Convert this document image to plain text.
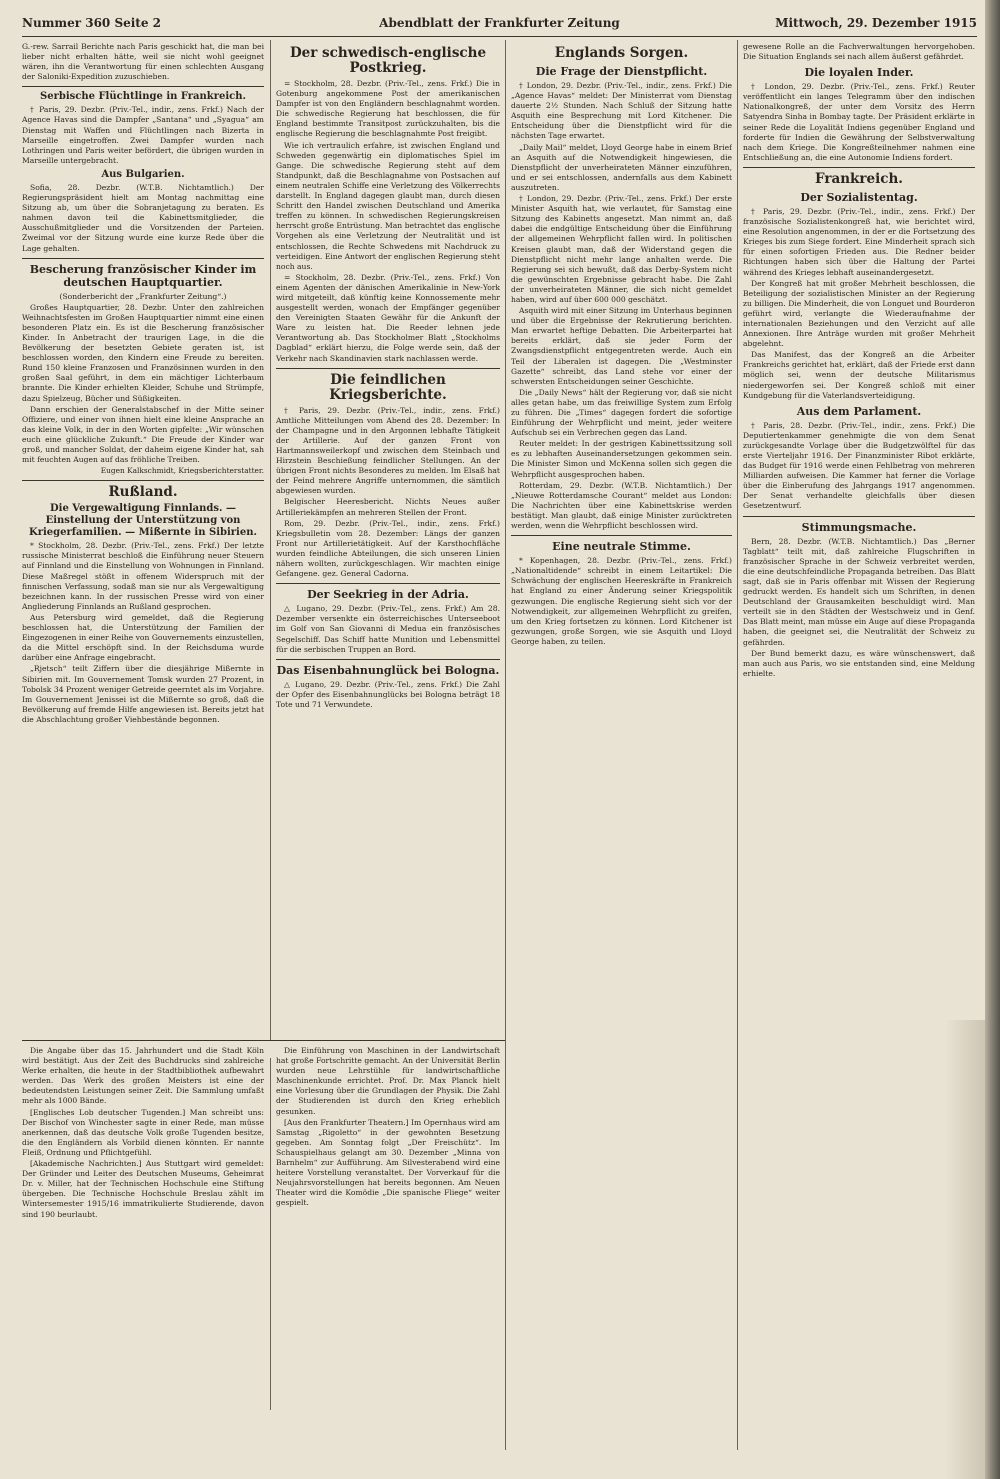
Nummer 360 Seite 2	Abendblatt der Frankfurter Zeitung	Mittwoch, 29. Dezember 1915

G.‑rew. Sarrail Berichte nach Paris geschickt hat, die man bei lieber nicht erhalten hätte, weil sie nicht wohl geeignet wären, ihn die Verantwortung für einen schlechten Ausgang der Saloniki‑Expedition zuzuschieben.

Serbische Flüchtlinge in Frankreich.

† Paris, 29. Dezbr. (Priv.‑Tel., indir., zens. Frkf.) Nach der Agence Havas sind die Dampfer „Santana“ und „Syagua“ am Dienstag mit Waffen und Flüchtlingen nach Bizerta in Marseille eingetroffen. Zwei Dampfer wurden nach Lothringen und Paris weiter befördert, die übrigen wurden in Marseille untergebracht.

Aus Bulgarien.

Sofia, 28. Dezbr. (W.T.B. Nichtamtlich.) Der Regierungspräsident hielt am Montag nachmittag eine Sitzung ab, um über die Sobranjetagung zu beraten. Es nahmen davon teil die Kabinettsmitglieder, die Ausschußmitglieder und die Vorsitzenden der Parteien. Zweimal vor der Sitzung wurde eine kurze Rede über die Lage gehalten.

Bescherung französischer Kinder im deutschen Hauptquartier.

(Sonderbericht der „Frankfurter Zeitung“.)

Großes Hauptquartier, 28. Dezbr. Unter den zahlreichen Weihnachtsfesten im Großen Hauptquartier nimmt eine einen besonderen Platz ein. Es ist die Bescherung französischer Kinder. In Anbetracht der traurigen Lage, in die die Bevölkerung der besetzten Gebiete geraten ist, ist beschlossen worden, den Kindern eine Freude zu bereiten. Rund 150 kleine Franzosen und Französinnen wurden in den großen Saal geführt, in dem ein mächtiger Lichterbaum brannte. Die Kinder erhielten Kleider, Schuhe und Strümpfe, dazu Spielzeug, Bücher und Süßigkeiten.

Dann erschien der Generalstabschef in der Mitte seiner Offiziere, und einer von ihnen hielt eine kleine Ansprache an das kleine Volk, in der in den Worten gipfelte: „Wir wünschen euch eine glückliche Zukunft.“ Die Freude der Kinder war groß, und mancher Soldat, der daheim eigene Kinder hat, sah mit feuchten Augen auf das fröhliche Treiben.

Eugen Kalkschmidt, Kriegsberichterstatter.
Rußland.
Die Vergewaltigung Finnlands. — Einstellung der Unterstützung von Kriegerfamilien. — Mißernte in Sibirien.

* Stockholm, 28. Dezbr. (Priv.‑Tel., zens. Frkf.) Der letzte russische Ministerrat beschloß die Einführung neuer Steuern auf Finnland und die Einstellung von Wohnungen in Finnland. Diese Maßregel stößt in offenem Widerspruch mit der finnischen Verfassung, sodaß man sie nur als Vergewaltigung bezeichnen kann. In der russischen Presse wird von einer Angliederung Finnlands an Rußland gesprochen.

Aus Petersburg wird gemeldet, daß die Regierung beschlossen hat, die Unterstützung der Familien der Eingezogenen in einer Reihe von Gouvernements einzustellen, da die Mittel erschöpft sind. In der Reichsduma wurde darüber eine Anfrage eingebracht.

„Rjetsch“ teilt Ziffern über die diesjährige Mißernte in Sibirien mit. Im Gouvernement Tomsk wurden 27 Prozent, in Tobolsk 34 Prozent weniger Getreide geerntet als im Vorjahre. Im Gouvernement Jenissei ist die Mißernte so groß, daß die Bevölkerung auf fremde Hilfe angewiesen ist. Bereits jetzt hat die Abschlachtung großer Viehbestände begonnen.

Der schwedisch‑englische Postkrieg.

= Stockholm, 28. Dezbr. (Priv.‑Tel., zens. Frkf.) Die in Gotenburg angekommene Post der amerikanischen Dampfer ist von den Engländern beschlagnahmt worden. Die schwedische Regierung hat beschlossen, die für England bestimmte Transitpost zurückzuhalten, bis die englische Regierung die beschlagnahmte Post freigibt.

Wie ich vertraulich erfahre, ist zwischen England und Schweden gegenwärtig ein diplomatisches Spiel im Gange. Die schwedische Regierung steht auf dem Standpunkt, daß die Beschlagnahme von Postsachen auf einem neutralen Schiffe eine Verletzung des Völkerrechts darstellt. In England dagegen glaubt man, durch diesen Schritt den Handel zwischen Deutschland und Amerika treffen zu können. In schwedischen Regierungskreisen herrscht große Entrüstung. Man betrachtet das englische Vorgehen als eine Verletzung der Neutralität und ist entschlossen, die Rechte Schwedens mit Nachdruck zu verteidigen. Eine Antwort der englischen Regierung steht noch aus.

= Stockholm, 28. Dezbr. (Priv.‑Tel., zens. Frkf.) Von einem Agenten der dänischen Amerikalinie in New‑York wird mitgeteilt, daß künftig keine Konnossemente mehr ausgestellt werden, wonach der Empfänger gegenüber den Vereinigten Staaten Gewähr für die Ankunft der Ware zu leisten hat. Die Reeder lehnen jede Verantwortung ab. Das Stockholmer Blatt „Stockholms Dagblad“ erklärt hierzu, die Folge werde sein, daß der Verkehr nach Skandinavien stark nachlassen werde.

Die feindlichen Kriegsberichte.

† Paris, 29. Dezbr. (Priv.‑Tel., indir., zens. Frkf.) Amtliche Mitteilungen vom Abend des 28. Dezember: In der Champagne und in den Argonnen lebhafte Tätigkeit der Artillerie. Auf der ganzen Front von Hartmannsweilerkopf und zwischen dem Steinbach und Hirzstein Beschießung feindlicher Stellungen. An der übrigen Front nichts Besonderes zu melden. Im Elsaß hat der Feind mehrere Angriffe unternommen, die sämtlich abgewiesen wurden.

Belgischer Heeresbericht. Nichts Neues außer Artilleriekämpfen an mehreren Stellen der Front.

Rom, 29. Dezbr. (Priv.‑Tel., indir., zens. Frkf.) Kriegsbulletin vom 28. Dezember: Längs der ganzen Front nur Artillerietätigkeit. Auf der Karsthochfläche wurden feindliche Abteilungen, die sich unseren Linien nähern wollten, zurückgeschlagen. Wir machten einige Gefangene. gez. General Cadorna.

Der Seekrieg in der Adria.

△ Lugano, 29. Dezbr. (Priv.‑Tel., zens. Frkf.) Am 28. Dezember versenkte ein österreichisches Unterseeboot im Golf von San Giovanni di Medua ein französisches Segelschiff. Das Schiff hatte Munition und Lebensmittel für die serbischen Truppen an Bord.

Das Eisenbahnunglück bei Bologna.

△ Lugano, 29. Dezbr. (Priv.‑Tel., zens. Frkf.) Die Zahl der Opfer des Eisenbahnunglücks bei Bologna beträgt 18 Tote und 71 Verwundete.

Englands Sorgen.
Die Frage der Dienstpflicht.

† London, 29. Dezbr. (Priv.‑Tel., indir., zens. Frkf.) Die „Agence Havas“ meldet: Der Ministerrat vom Dienstag dauerte 2½ Stunden. Nach Schluß der Sitzung hatte Asquith eine Besprechung mit Lord Kitchener. Die Entscheidung über die Dienstpflicht wird für die nächsten Tage erwartet.

„Daily Mail“ meldet, Lloyd George habe in einem Brief an Asquith auf die Notwendigkeit hingewiesen, die Dienstpflicht der unverheirateten Männer einzuführen, und er sei entschlossen, andernfalls aus dem Kabinett auszutreten.

† London, 29. Dezbr. (Priv.‑Tel., zens. Frkf.) Der erste Minister Asquith hat, wie verlautet, für Samstag eine Sitzung des Kabinetts angesetzt. Man nimmt an, daß dabei die endgültige Entscheidung über die Einführung der allgemeinen Wehrpflicht fallen wird. In politischen Kreisen glaubt man, daß der Widerstand gegen die Dienstpflicht nicht mehr lange anhalten werde. Die Regierung sei sich bewußt, daß das Derby‑System nicht die gewünschten Ergebnisse gebracht habe. Die Zahl der unverheirateten Männer, die sich nicht gemeldet haben, wird auf über 600 000 geschätzt.

Asquith wird mit einer Sitzung im Unterhaus beginnen und über die Ergebnisse der Rekrutierung berichten. Man erwartet heftige Debatten. Die Arbeiterpartei hat bereits erklärt, daß sie jeder Form der Zwangsdienstpflicht entgegentreten werde. Auch ein Teil der Liberalen ist dagegen. Die „Westminster Gazette“ schreibt, das Land stehe vor einer der schwersten Entscheidungen seiner Geschichte.

Die „Daily News“ hält der Regierung vor, daß sie nicht alles getan habe, um das freiwillige System zum Erfolg zu führen. Die „Times“ dagegen fordert die sofortige Einführung der Wehrpflicht und meint, jeder weitere Aufschub sei ein Verbrechen gegen das Land.

Reuter meldet: In der gestrigen Kabinettssitzung soll es zu lebhaften Auseinandersetzungen gekommen sein. Die Minister Simon und McKenna sollen sich gegen die Wehrpflicht ausgesprochen haben.

Rotterdam, 29. Dezbr. (W.T.B. Nichtamtlich.) Der „Nieuwe Rotterdamsche Courant“ meldet aus London: Die Nachrichten über eine Kabinettskrise werden bestätigt. Man glaubt, daß einige Minister zurücktreten werden, wenn die Wehrpflicht beschlossen wird.

Eine neutrale Stimme.

* Kopenhagen, 28. Dezbr. (Priv.‑Tel., zens. Frkf.) „Nationaltidende“ schreibt in einem Leitartikel: Die Schwächung der englischen Heereskräfte in Frankreich hat England zu einer Änderung seiner Kriegspolitik gezwungen. Die englische Regierung sieht sich vor der Notwendigkeit, zur allgemeinen Wehrpflicht zu greifen, um den Krieg fortsetzen zu können. Lord Kitchener ist gezwungen, große Sorgen, wie sie Asquith und Lloyd George haben, zu teilen.

gewesene Rolle an die Fachverwaltungen hervorgehoben. Die Situation Englands sei nach allem äußerst gefährdet.

Die loyalen Inder.

† London, 29. Dezbr. (Priv.‑Tel., zens. Frkf.) Reuter veröffentlicht ein langes Telegramm über den indischen Nationalkongreß, der unter dem Vorsitz des Herrn Satyendra Sinha in Bombay tagte. Der Präsident erklärte in seiner Rede die Loyalität Indiens gegenüber England und forderte für Indien die Gewährung der Selbstverwaltung nach dem Kriege. Die Kongreßteilnehmer nahmen eine Entschließung an, die eine Autonomie Indiens fordert.

Frankreich.
Der Sozialistentag.

† Paris, 29. Dezbr. (Priv.‑Tel., indir., zens. Frkf.) Der französische Sozialistenkongreß hat, wie berichtet wird, eine Resolution angenommen, in der er die Fortsetzung des Krieges bis zum Siege fordert. Eine Minderheit sprach sich für einen sofortigen Frieden aus. Die Redner beider Richtungen haben sich über die Haltung der Partei während des Krieges lebhaft auseinandergesetzt.

Der Kongreß hat mit großer Mehrheit beschlossen, die Beteiligung der sozialistischen Minister an der Regierung zu billigen. Die Minderheit, die von Longuet und Bourderon geführt wird, verlangte die Wiederaufnahme der internationalen Beziehungen und den Verzicht auf alle Annexionen. Ihre Anträge wurden mit großer Mehrheit abgelehnt.

Das Manifest, das der Kongreß an die Arbeiter Frankreichs gerichtet hat, erklärt, daß der Friede erst dann möglich sei, wenn der deutsche Militarismus niedergeworfen sei. Der Kongreß schloß mit einer Kundgebung für die Vaterlandsverteidigung.

Aus dem Parlament.

† Paris, 28. Dezbr. (Priv.‑Tel., indir., zens. Frkf.) Die Deputiertenkammer genehmigte die von dem Senat zurückgesandte Vorlage über die Budgetzwölftel für das erste Vierteljahr 1916. Der Finanzminister Ribot erklärte, das Budget für 1916 werde einen Fehlbetrag von mehreren Milliarden aufweisen. Die Kammer hat ferner die Vorlage über die Einberufung des Jahrgangs 1917 angenommen. Der Senat verhandelte gleichfalls über diesen Gesetzentwurf.

Stimmungsmache.

Bern, 28. Dezbr. (W.T.B. Nichtamtlich.) Das „Berner Tagblatt“ teilt mit, daß zahlreiche Flugschriften in französischer Sprache in der Schweiz verbreitet werden, die eine deutschfeindliche Propaganda betreiben. Das Blatt sagt, daß sie in Paris offenbar mit Wissen der Regierung gedruckt werden. Es handelt sich um Schriften, in denen Deutschland der Grausamkeiten beschuldigt wird. Man verteilt sie in den Städten der Westschweiz und in Genf. Das Blatt meint, man müsse ein Auge auf diese Propaganda haben, die geeignet sei, die Neutralität der Schweiz zu gefährden.

Der Bund bemerkt dazu, es wäre wünschenswert, daß man auch aus Paris, wo sie entstanden sind, eine Meldung erhielte.

Die Angabe über das 15. Jahrhundert und die Stadt Köln wird bestätigt. Aus der Zeit des Buchdrucks sind zahlreiche Werke erhalten, die heute in der Stadtbibliothek aufbewahrt werden. Das Werk des großen Meisters ist eine der bedeutendsten Leistungen seiner Zeit. Die Sammlung umfaßt mehr als 1000 Bände.

[Englisches Lob deutscher Tugenden.] Man schreibt uns: Der Bischof von Winchester sagte in einer Rede, man müsse anerkennen, daß das deutsche Volk große Tugenden besitze, die den Engländern als Vorbild dienen könnten. Er nannte Fleiß, Ordnung und Pflichtgefühl.

[Akademische Nachrichten.] Aus Stuttgart wird gemeldet: Der Gründer und Leiter des Deutschen Museums, Geheimrat Dr. v. Miller, hat der Technischen Hochschule eine Stiftung übergeben. Die Technische Hochschule Breslau zählt im Wintersemester 1915/16 immatrikulierte Studierende, davon sind 190 beurlaubt.

Die Einführung von Maschinen in der Landwirtschaft hat große Fortschritte gemacht. An der Universität Berlin wurden neue Lehrstühle für landwirtschaftliche Maschinenkunde errichtet. Prof. Dr. Max Planck hielt eine Vorlesung über die Grundlagen der Physik. Die Zahl der Studierenden ist durch den Krieg erheblich gesunken.

[Aus den Frankfurter Theatern.] Im Opernhaus wird am Samstag „Rigoletto“ in der gewohnten Besetzung gegeben. Am Sonntag folgt „Der Freischütz“. Im Schauspielhaus gelangt am 30. Dezember „Minna von Barnhelm“ zur Aufführung. Am Silvesterabend wird eine heitere Vorstellung veranstaltet. Der Vorverkauf für die Neujahrsvorstellungen hat bereits begonnen. Am Neuen Theater wird die Komödie „Die spanische Fliege“ weiter gespielt.
